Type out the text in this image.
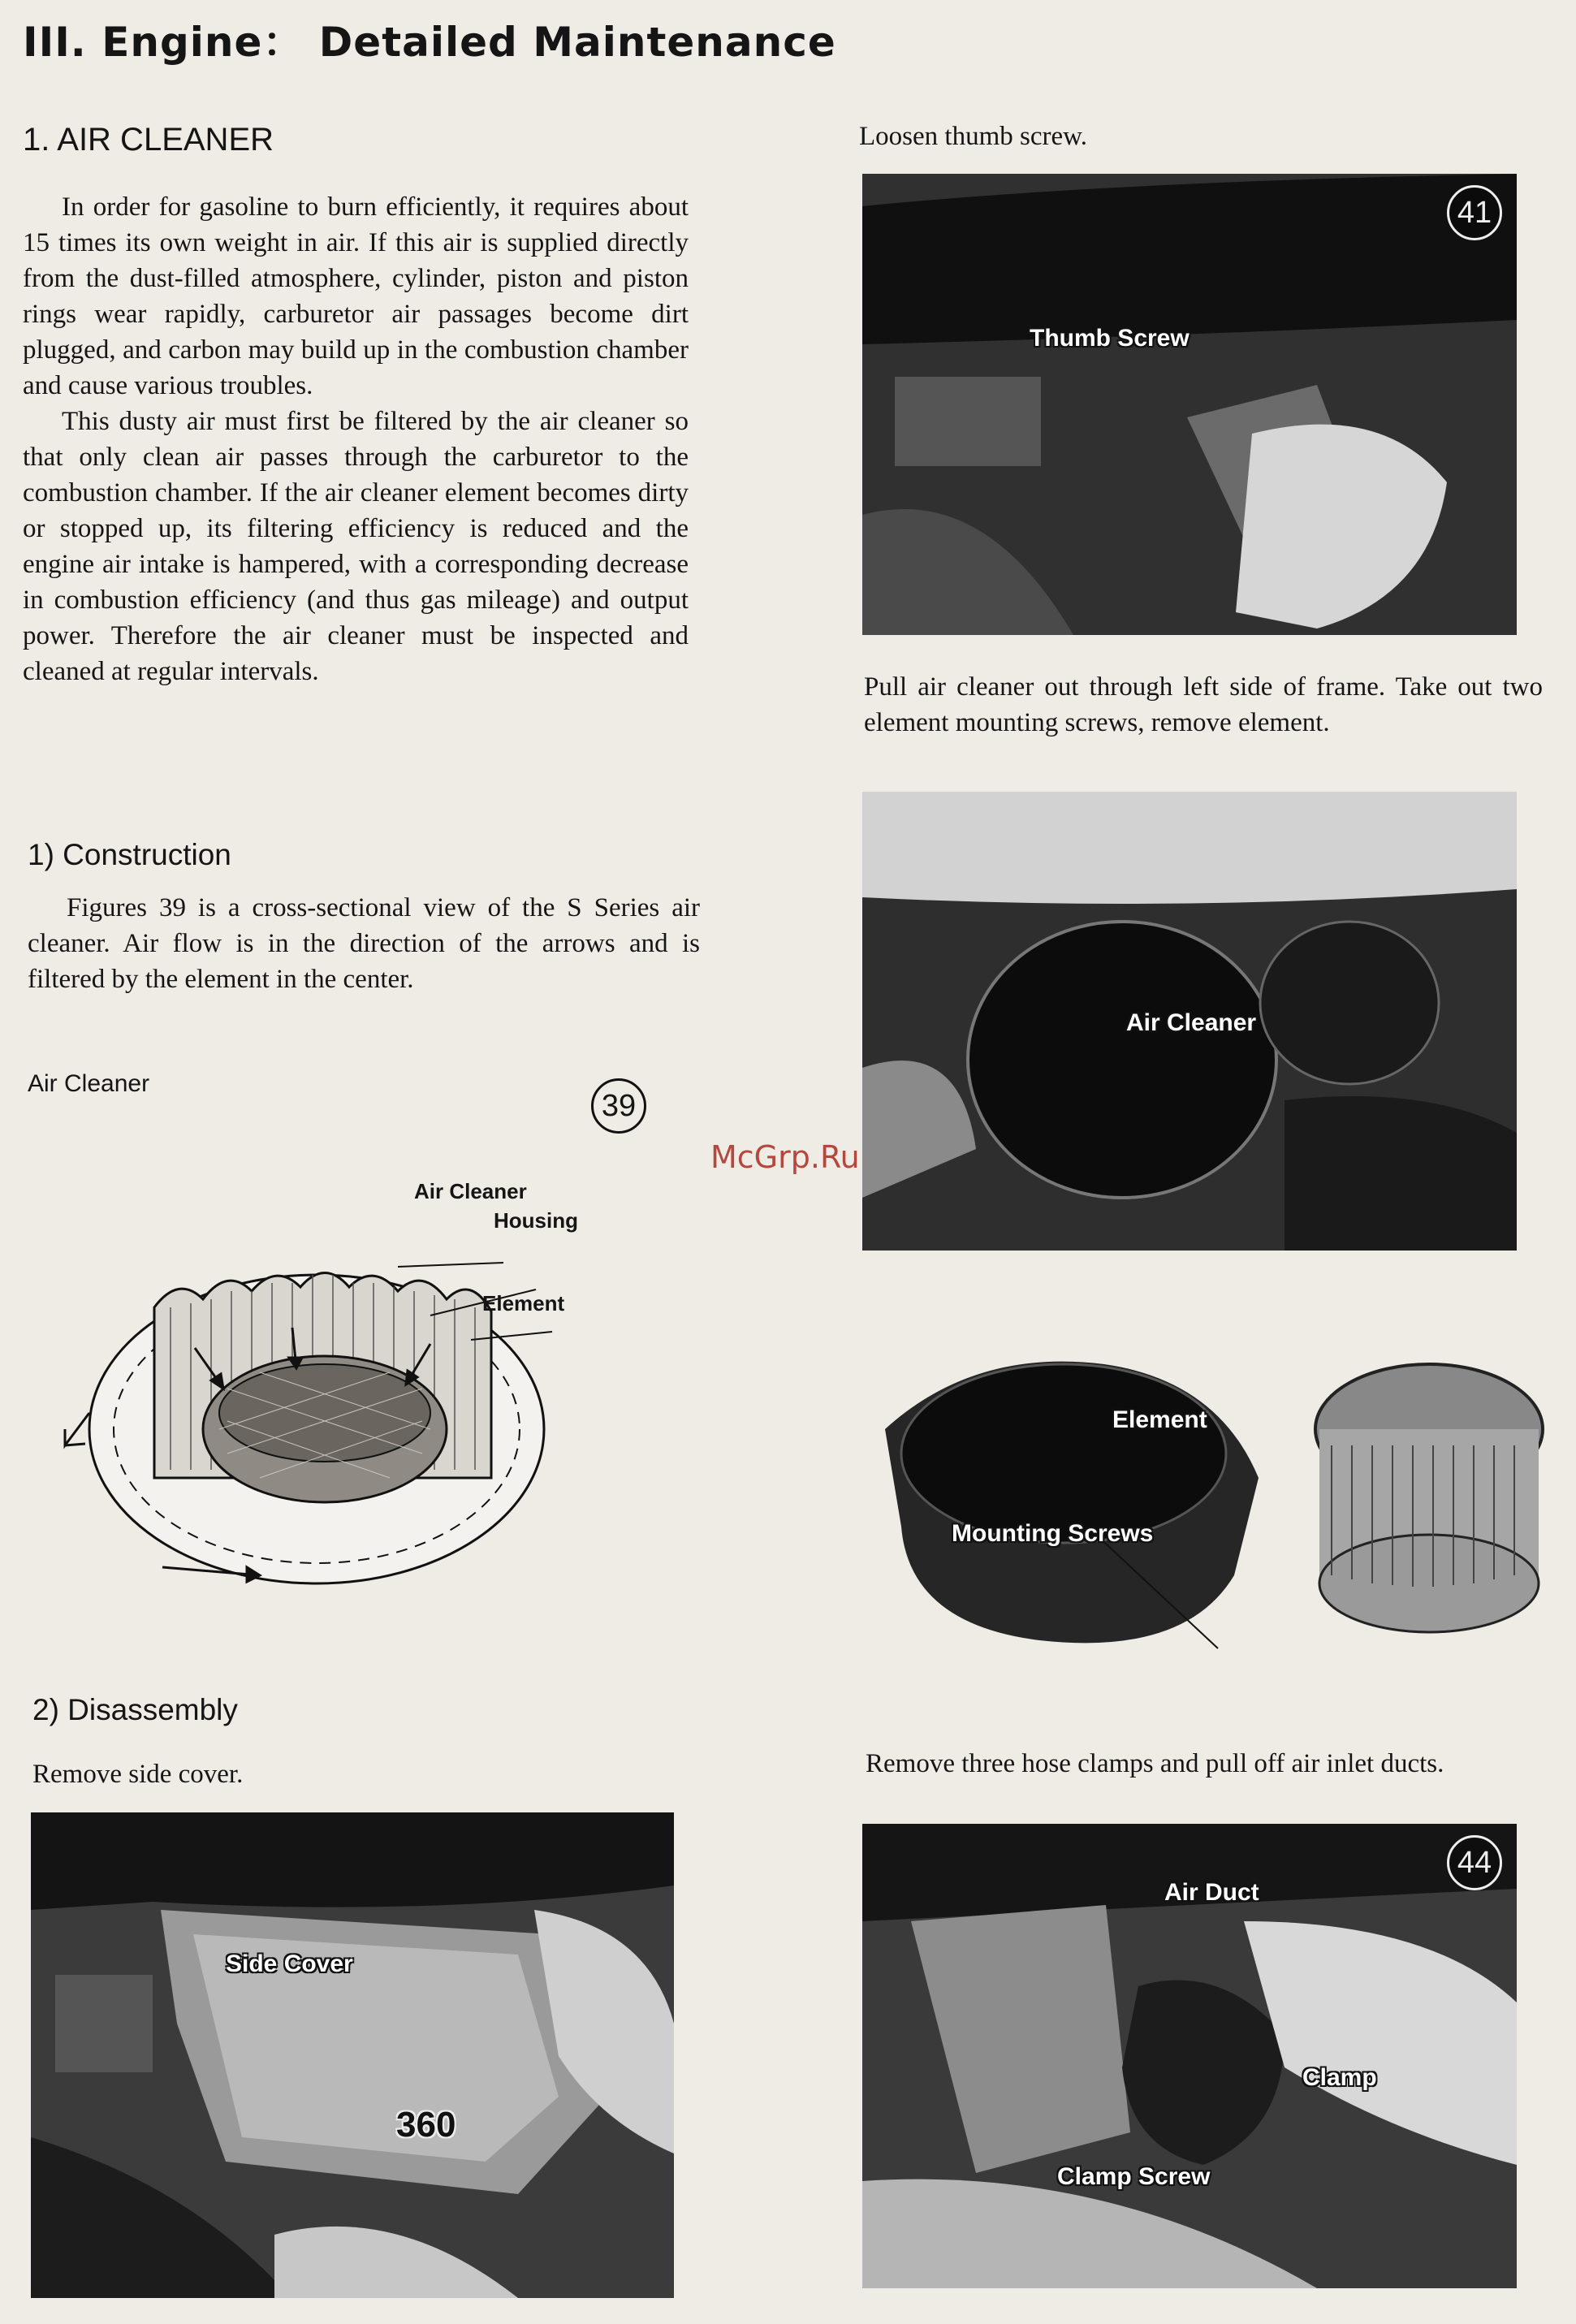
III. Engine： Detailed Maintenance
1. AIR CLEANER

In order for gasoline to burn efficiently, it requires about 15 times its own weight in air. If this air is supplied directly from the dust-filled atmosphere, cylinder, piston and piston rings wear rapidly, carburetor air passages become dirt plugged, and carbon may build up in the combustion chamber and cause various troubles.

This dusty air must first be filtered by the air cleaner so that only clean air passes through the carburetor to the combustion chamber. If the air cleaner element becomes dirty or stopped up, its filtering efficiency is reduced and the engine air intake is hampered, with a corresponding decrease in combustion efficiency (and thus gas mileage) and output power. Therefore the air cleaner must be inspected and cleaned at regular intervals.

1) Construction

Figures 39 is a cross-sectional view of the S Series air cleaner. Air flow is in the direction of the arrows and is filtered by the element in the center.

Air Cleaner
39
Air Cleaner
Housing
Element
2) Disassembly
Remove side cover.
Side Cover
360
Loosen thumb screw.
Thumb Screw
41

Pull air cleaner out through left side of frame. Take out two element mounting screws, remove element.

Air Cleaner
Element
Mounting Screws

Remove three hose clamps and pull off air inlet ducts.

Air Duct
Clamp
Clamp Screw
44
McGrp.Ru
